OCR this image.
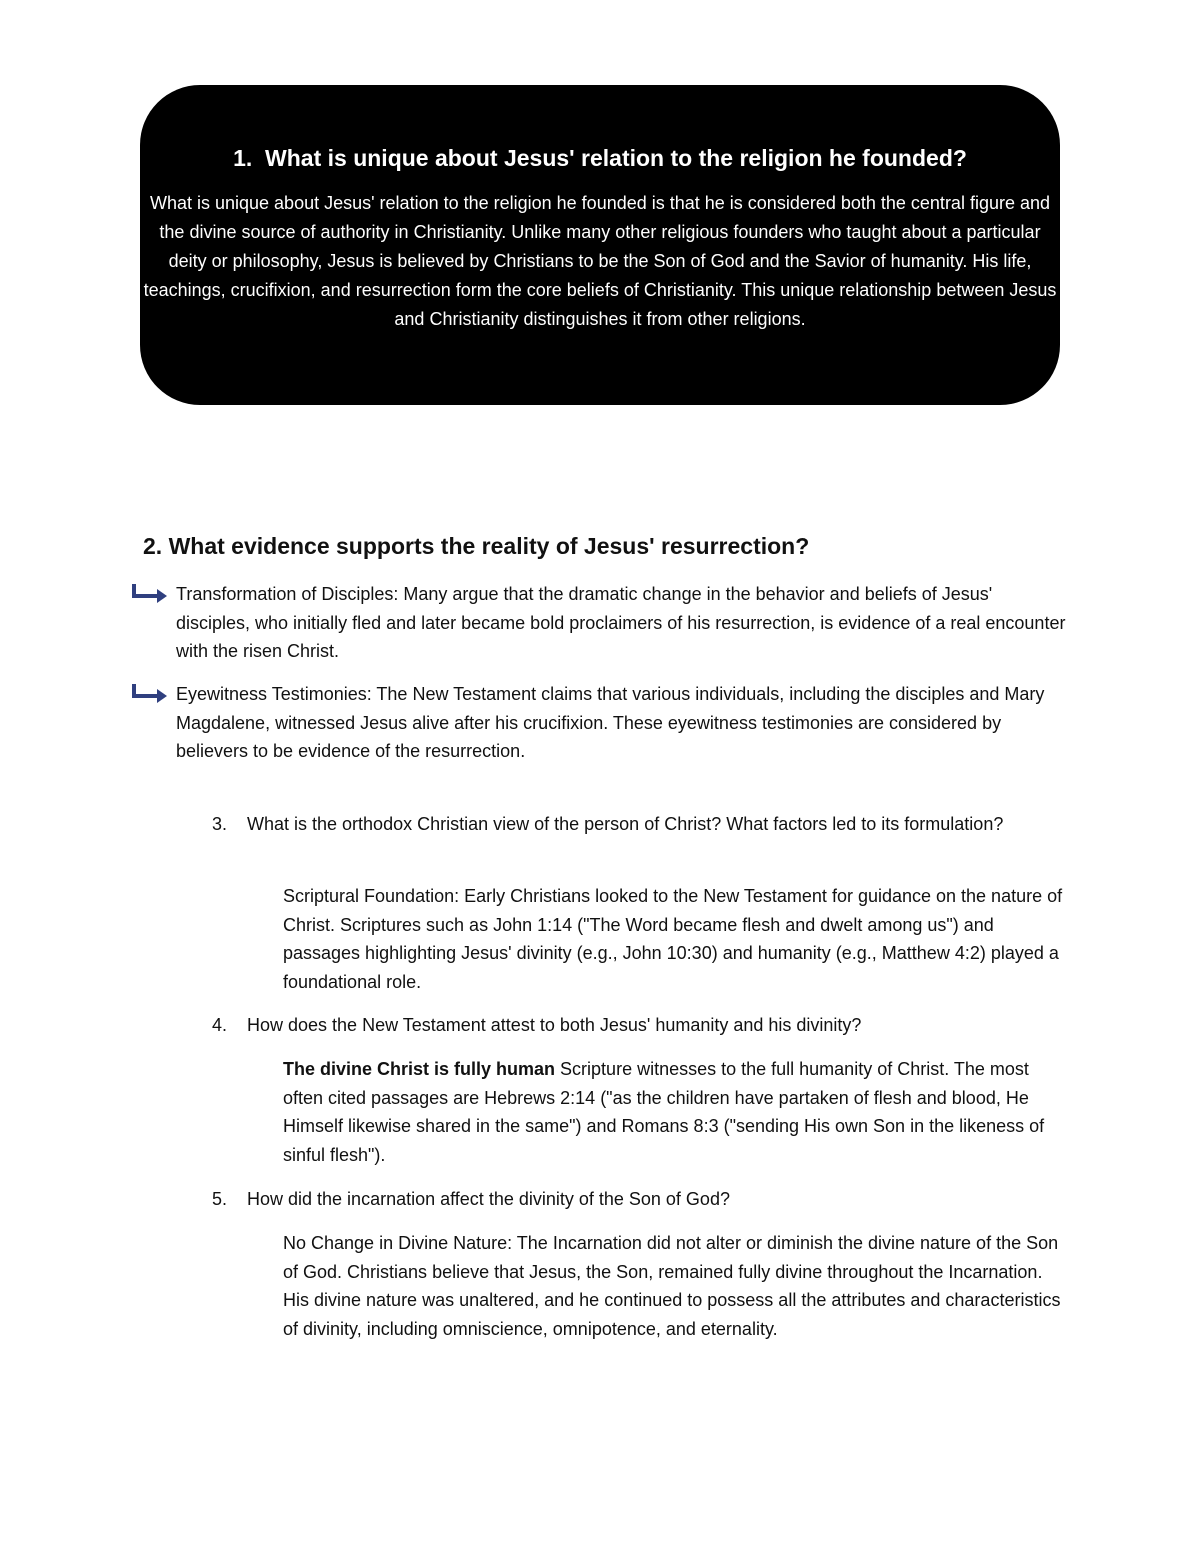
1. What is unique about Jesus' relation to the religion he founded?

What is unique about Jesus' relation to the religion he founded is that he is considered both the central figure and the divine source of authority in Christianity. Unlike many other religious founders who taught about a particular deity or philosophy, Jesus is believed by Christians to be the Son of God and the Savior of humanity. His life, teachings, crucifixion, and resurrection form the core beliefs of Christianity. This unique relationship between Jesus and Christianity distinguishes it from other religions.

2. What evidence supports the reality of Jesus' resurrection?
Transformation of Disciples: Many argue that the dramatic change in the behavior and beliefs of Jesus' disciples, who initially fled and later became bold proclaimers of his resurrection, is evidence of a real encounter with the risen Christ.
Eyewitness Testimonies: The New Testament claims that various individuals, including the disciples and Mary Magdalene, witnessed Jesus alive after his crucifixion. These eyewitness testimonies are considered by believers to be evidence of the resurrection.
3. What is the orthodox Christian view of the person of Christ? What factors led to its formulation?
Scriptural Foundation: Early Christians looked to the New Testament for guidance on the nature of Christ. Scriptures such as John 1:14 ("The Word became flesh and dwelt among us") and passages highlighting Jesus' divinity (e.g., John 10:30) and humanity (e.g., Matthew 4:2) played a foundational role.
4. How does the New Testament attest to both Jesus' humanity and his divinity?
The divine Christ is fully human Scripture witnesses to the full humanity of Christ. The most often cited passages are Hebrews 2:14 ("as the children have partaken of flesh and blood, He Himself likewise shared in the same") and Romans 8:3 ("sending His own Son in the likeness of sinful flesh").
5. How did the incarnation affect the divinity of the Son of God?
No Change in Divine Nature: The Incarnation did not alter or diminish the divine nature of the Son of God. Christians believe that Jesus, the Son, remained fully divine throughout the Incarnation. His divine nature was unaltered, and he continued to possess all the attributes and characteristics of divinity, including omniscience, omnipotence, and eternality.
